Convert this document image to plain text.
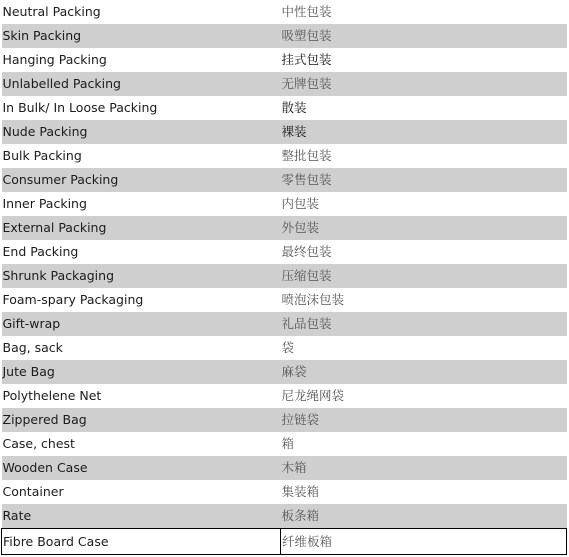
Neutral Packing	中性包装
Skin Packing	吸塑包装
Hanging Packing	挂式包装
Unlabelled Packing	无牌包装
In Bulk/ In Loose Packing	散装
Nude Packing	裸装
Bulk Packing	整批包装
Consumer Packing	零售包装
Inner Packing	内包装
External Packing	外包装
End Packing	最终包装
Shrunk Packaging	压缩包装
Foam-spary Packaging	喷泡沫包装
Gift-wrap	礼品包装
Bag, sack	袋
Jute Bag	麻袋
Polythelene Net	尼龙绳网袋
Zippered Bag	拉链袋
Case, chest	箱
Wooden Case	木箱
Container	集装箱
Rate	板条箱
Fibre Board Case	纤维板箱
